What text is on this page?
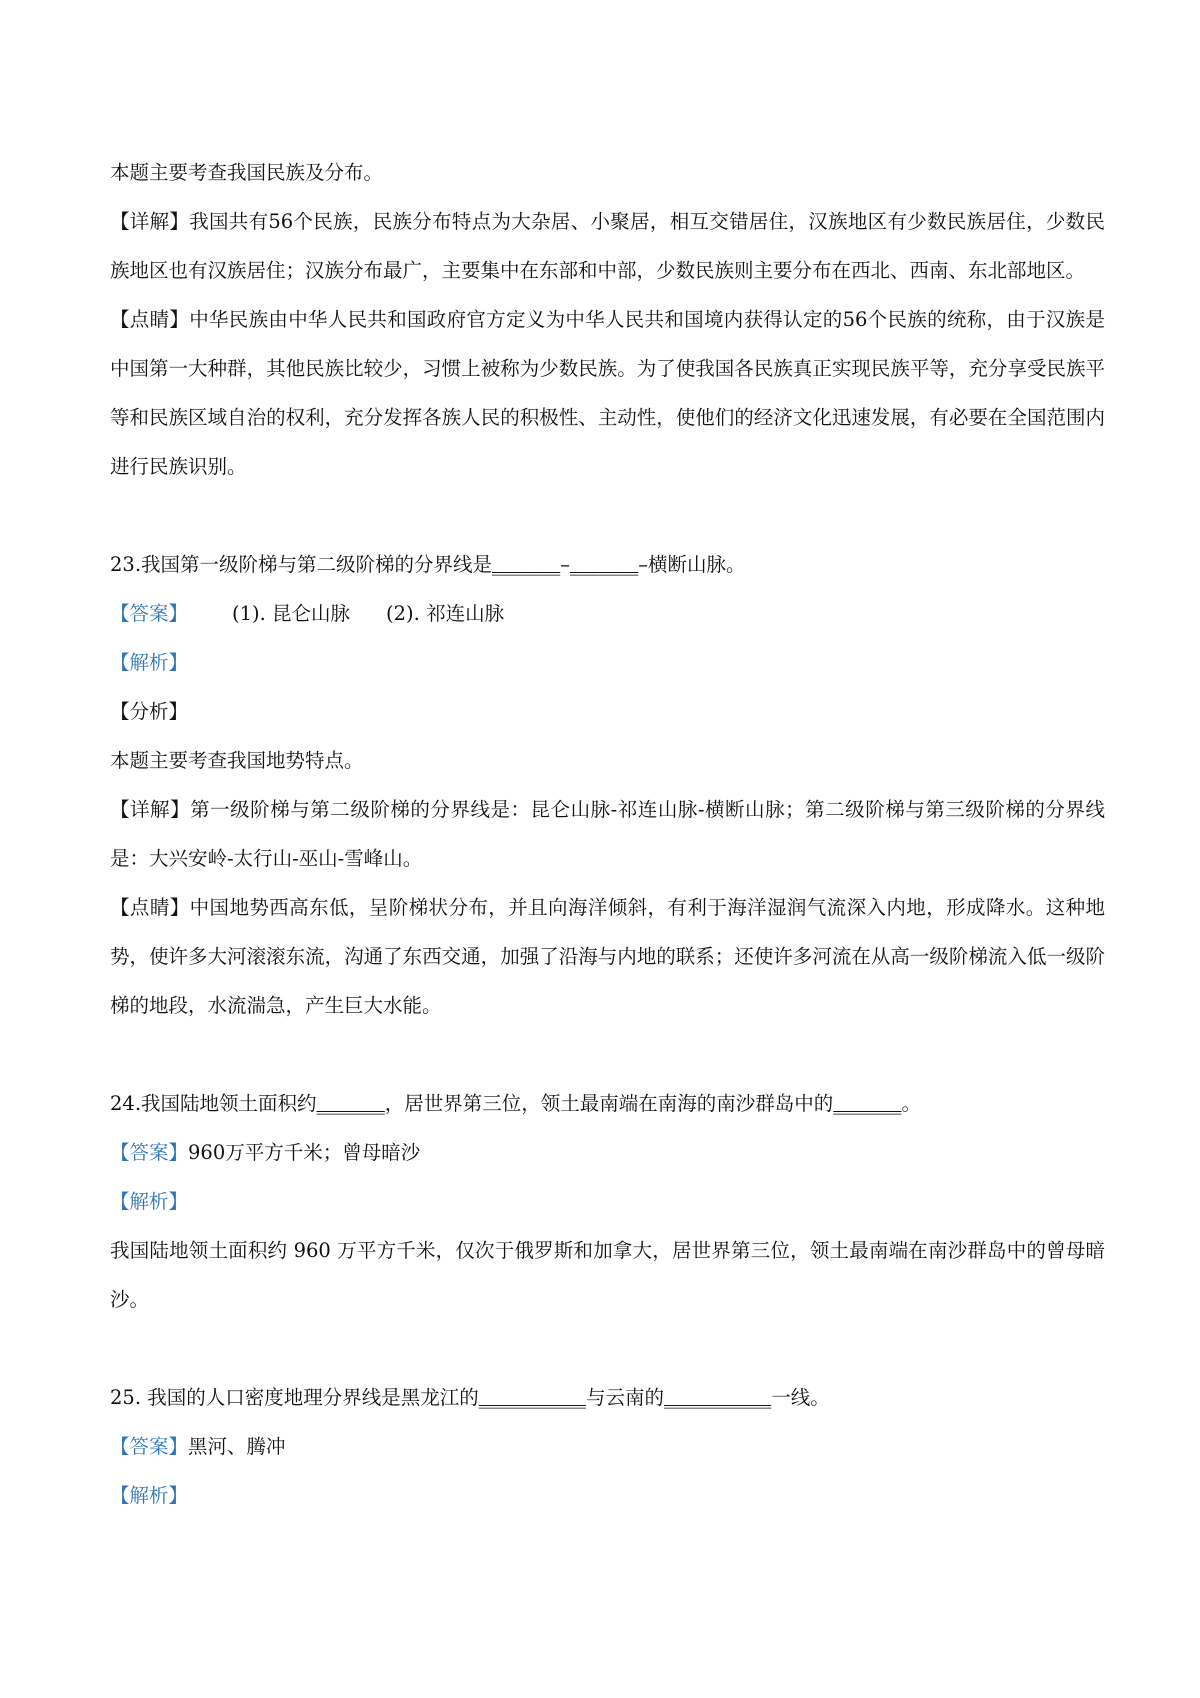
本题主要考查我国民族及分布。

【详解】我国共有56个民族，民族分布特点为大杂居、小聚居，相互交错居住，汉族地区有少数民族居住，少数民族地区也有汉族居住；汉族分布最广，主要集中在东部和中部，少数民族则主要分布在西北、西南、东北部地区。

【点睛】中华民族由中华人民共和国政府官方定义为中华人民共和国境内获得认定的56个民族的统称，由于汉族是中国第一大种群，其他民族比较少，习惯上被称为少数民族。为了使我国各民族真正实现民族平等，充分享受民族平等和民族区域自治的权利，充分发挥各族人民的积极性、主动性，使他们的经济文化迅速发展，有必要在全国范围内进行民族识别。

23.我国第一级阶梯与第二级阶梯的分界线是_______–_______–横断山脉。

【答案】 (1). 昆仑山脉 (2). 祁连山脉

【解析】

【分析】

本题主要考查我国地势特点。

【详解】第一级阶梯与第二级阶梯的分界线是：昆仑山脉-祁连山脉-横断山脉；第二级阶梯与第三级阶梯的分界线是：大兴安岭-太行山-巫山-雪峰山。

【点睛】中国地势西高东低，呈阶梯状分布，并且向海洋倾斜，有利于海洋湿润气流深入内地，形成降水。这种地势，使许多大河滚滚东流，沟通了东西交通，加强了沿海与内地的联系；还使许多河流在从高一级阶梯流入低一级阶梯的地段，水流湍急，产生巨大水能。

24.我国陆地领土面积约_______，居世界第三位，领土最南端在南海的南沙群岛中的_______。

【答案】960万平方千米；曾母暗沙

【解析】

我国陆地领土面积约 960 万平方千米，仅次于俄罗斯和加拿大，居世界第三位，领土最南端在南沙群岛中的曾母暗沙。

25. 我国的人口密度地理分界线是黑龙江的___________与云南的___________一线。

【答案】黑河、腾冲

【解析】
